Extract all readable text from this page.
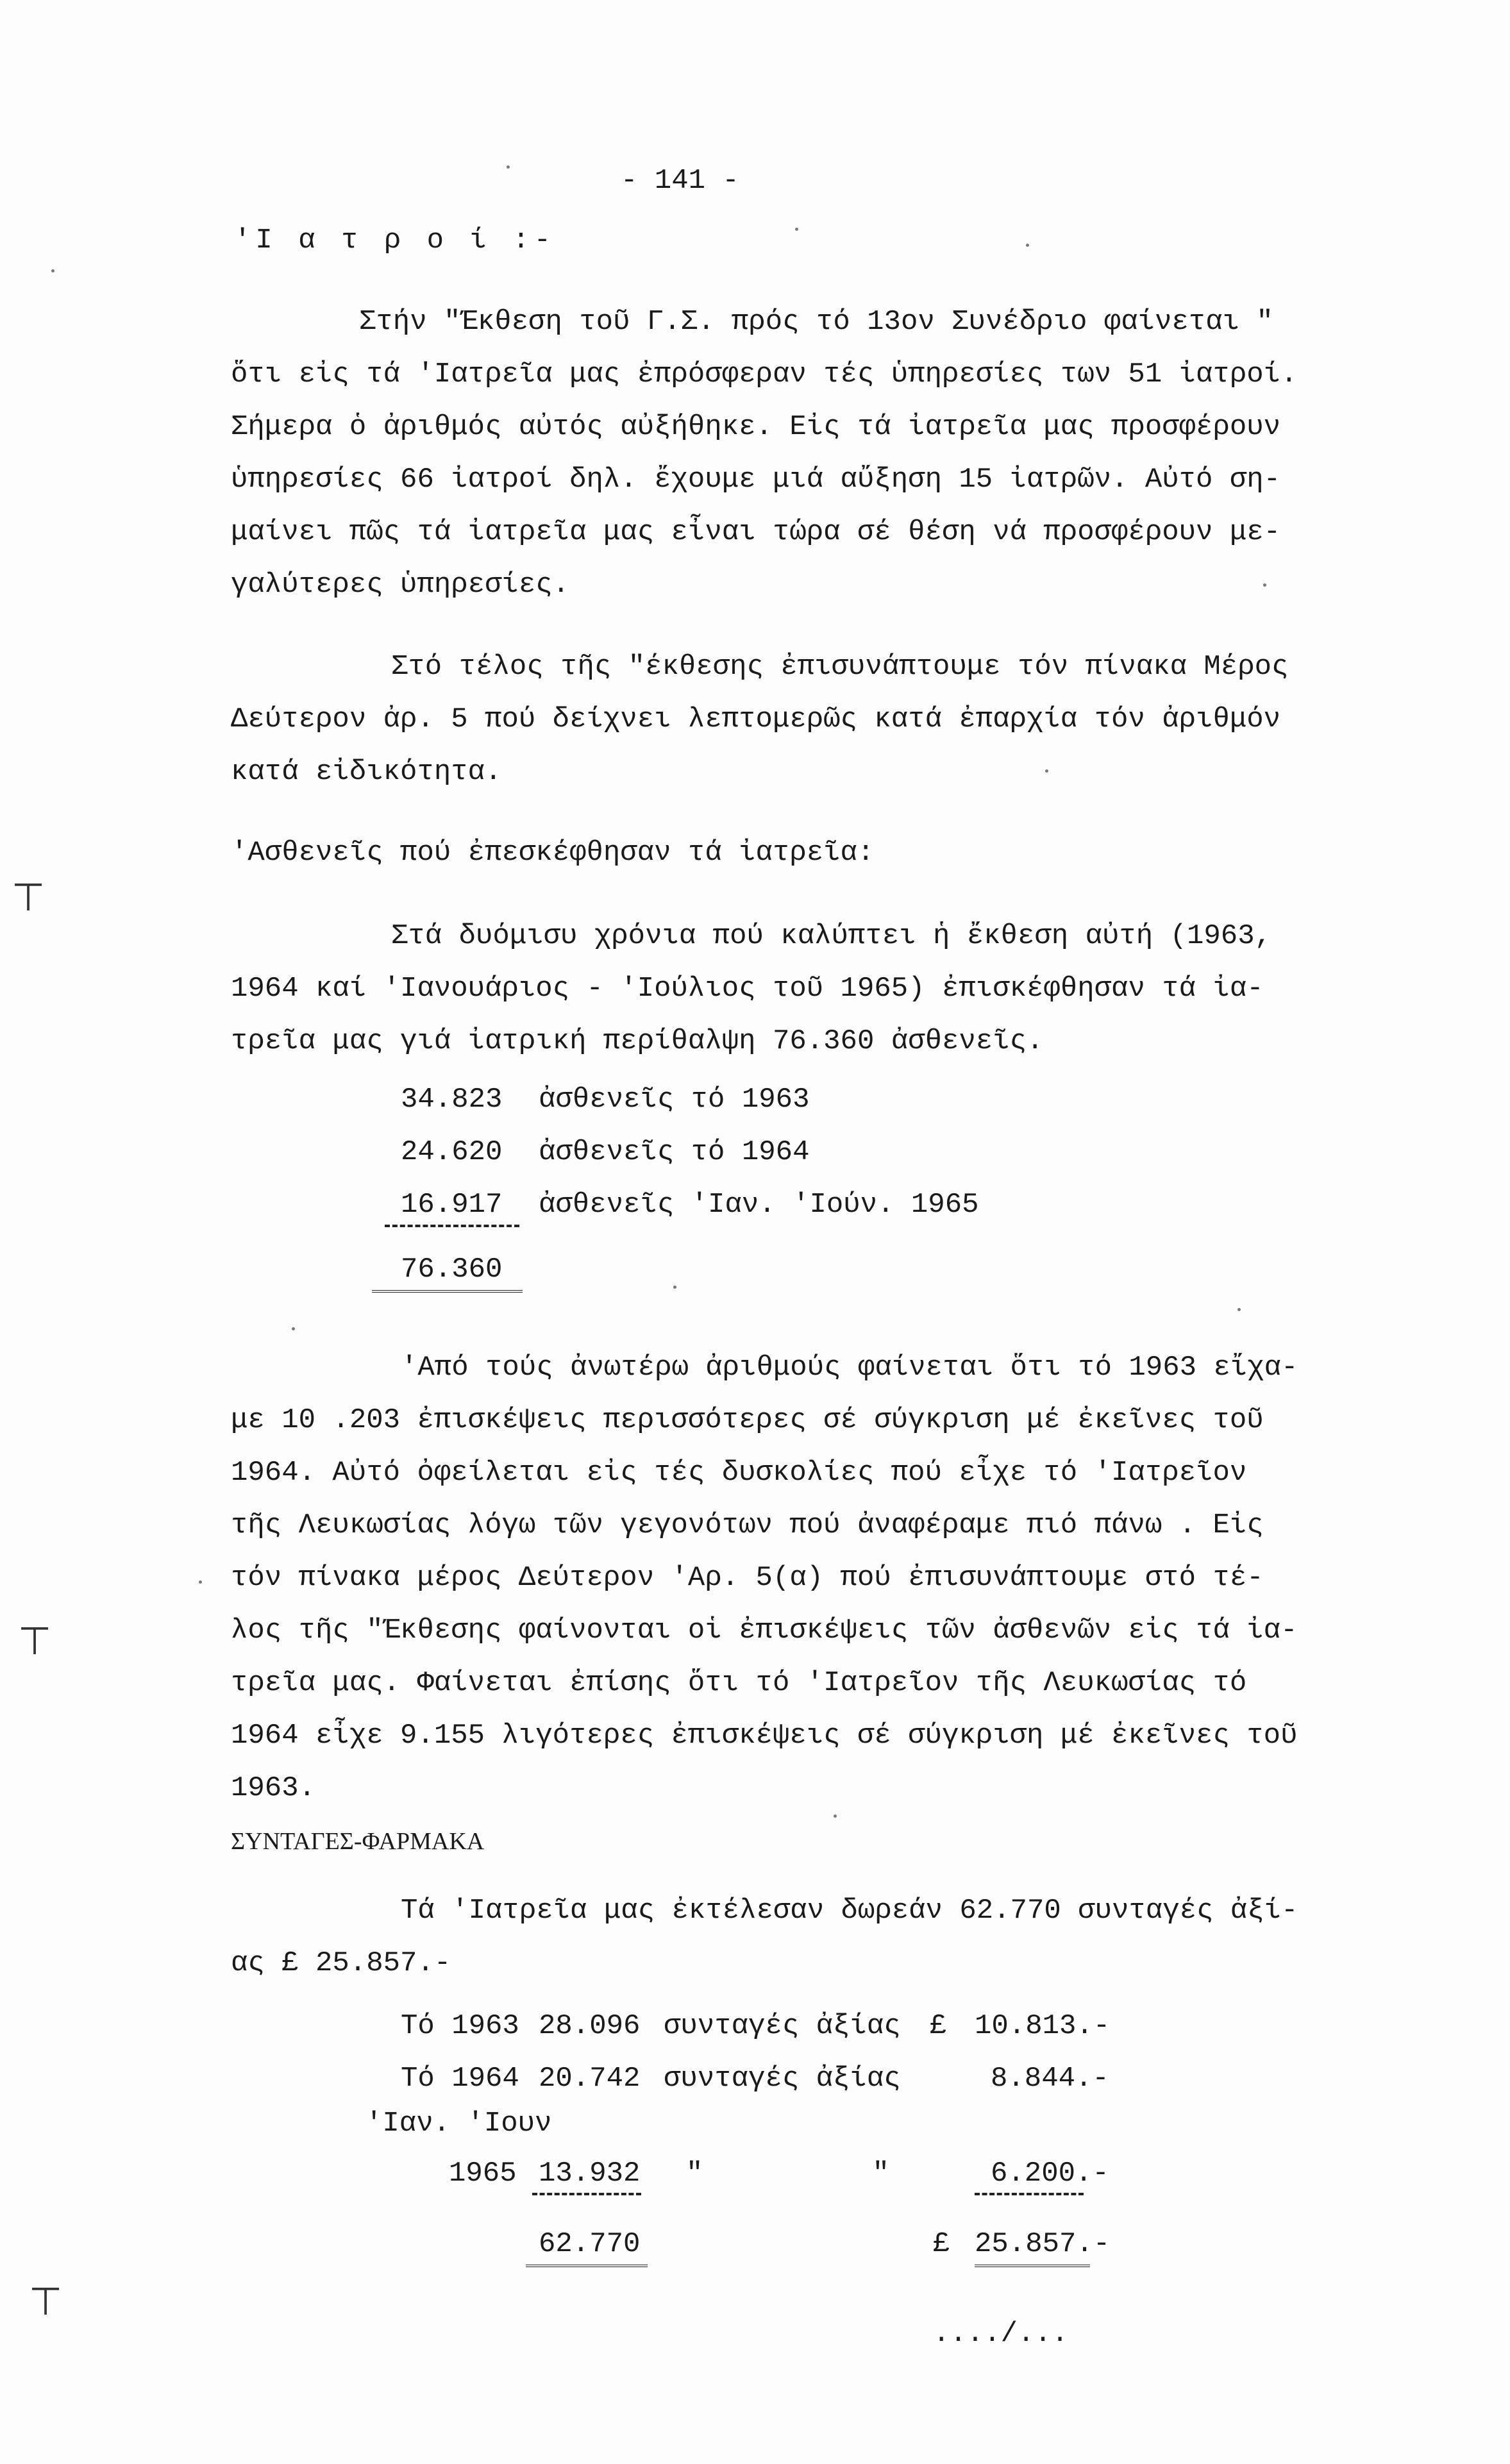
⊤
⊤
⊤
- 141 -
'Ι α τ ρ ο ί :-
Στήν "Έκθεση τοῦ Γ.Σ. πρός τό 13ον Συνέδριο φαίνεται "
ὅτι εἰς τά 'Ιατρεῖα μας ἐπρόσφεραν τές ὑπηρεσίες των 51 ἰατροί.
Σήμερα ὁ ἀριθμός αὐτός αὐξήθηκε. Εἰς τά ἰατρεῖα μας προσφέρουν
ὑπηρεσίες 66 ἰατροί δηλ. ἔχουμε μιά αὔξηση 15 ἰατρῶν. Αὐτό ση-
μαίνει πῶς τά ἰατρεῖα μας εἶναι τώρα σέ θέση νά προσφέρουν με-
γαλύτερες ὑπηρεσίες.
Στό τέλος τῆς "έκθεσης ἐπισυνάπτουμε τόν πίνακα Μέρος
Δεύτερον ἀρ. 5 πού δείχνει λεπτομερῶς κατά ἐπαρχία τόν ἀριθμόν
κατά εἰδικότητα.
'Ασθενεῖς πού ἐπεσκέφθησαν τά ἰατρεῖα:
Στά δυόμισυ χρόνια πού καλύπτει ἡ ἔκθεση αὐτή (1963,
1964 καί 'Ιανουάριος - 'Ιούλιος τοῦ 1965) ἐπισκέφθησαν τά ἰα-
τρεῖα μας γιά ἰατρική περίθαλψη 76.360 ἀσθενεῖς.
34.823 ἀσθενεῖς τό 1963
24.620 ἀσθενεῖς τό 1964
16.917 ἀσθενεῖς 'Ιαν. 'Ιούν. 1965
76.360
'Από τούς ἀνωτέρω ἀριθμούς φαίνεται ὅτι τό 1963 εἴχα-
με 10 .203 ἐπισκέψεις περισσότερες σέ σύγκριση μέ ἐκεῖνες τοῦ
1964. Αὐτό ὀφείλεται εἰς τές δυσκολίες πού εἶχε τό 'Ιατρεῖον
τῆς Λευκωσίας λόγω τῶν γεγονότων πού ἀναφέραμε πιό πάνω . Εἰς
τόν πίνακα μέρος Δεύτερον 'Αρ. 5(α) πού ἐπισυνάπτουμε στό τέ-
λος τῆς "Έκθεσης φαίνονται οἱ ἐπισκέψεις τῶν ἀσθενῶν εἰς τά ἰα-
τρεῖα μας. Φαίνεται ἐπίσης ὅτι τό 'Ιατρεῖον τῆς Λευκωσίας τό
1964 εἶχε 9.155 λιγότερες ἐπισκέψεις σέ σύγκριση μέ ἐκεῖνες τοῦ
1963.
ΣΥΝΤΑΓΕΣ-ΦΑΡΜΑΚΑ
Τά 'Ιατρεῖα μας ἐκτέλεσαν δωρεάν 62.770 συνταγές ἀξί-
ας £ 25.857.-
Τό 1963 28.096 συνταγές ἀξίας £ 10.813.-
Τό 1964 20.742 συνταγές ἀξίας	8.844.-
'Ιαν. 'Ιουν
1965 13.932 "          "	6.200.-
62.770	£ 25.857.-
..../...
